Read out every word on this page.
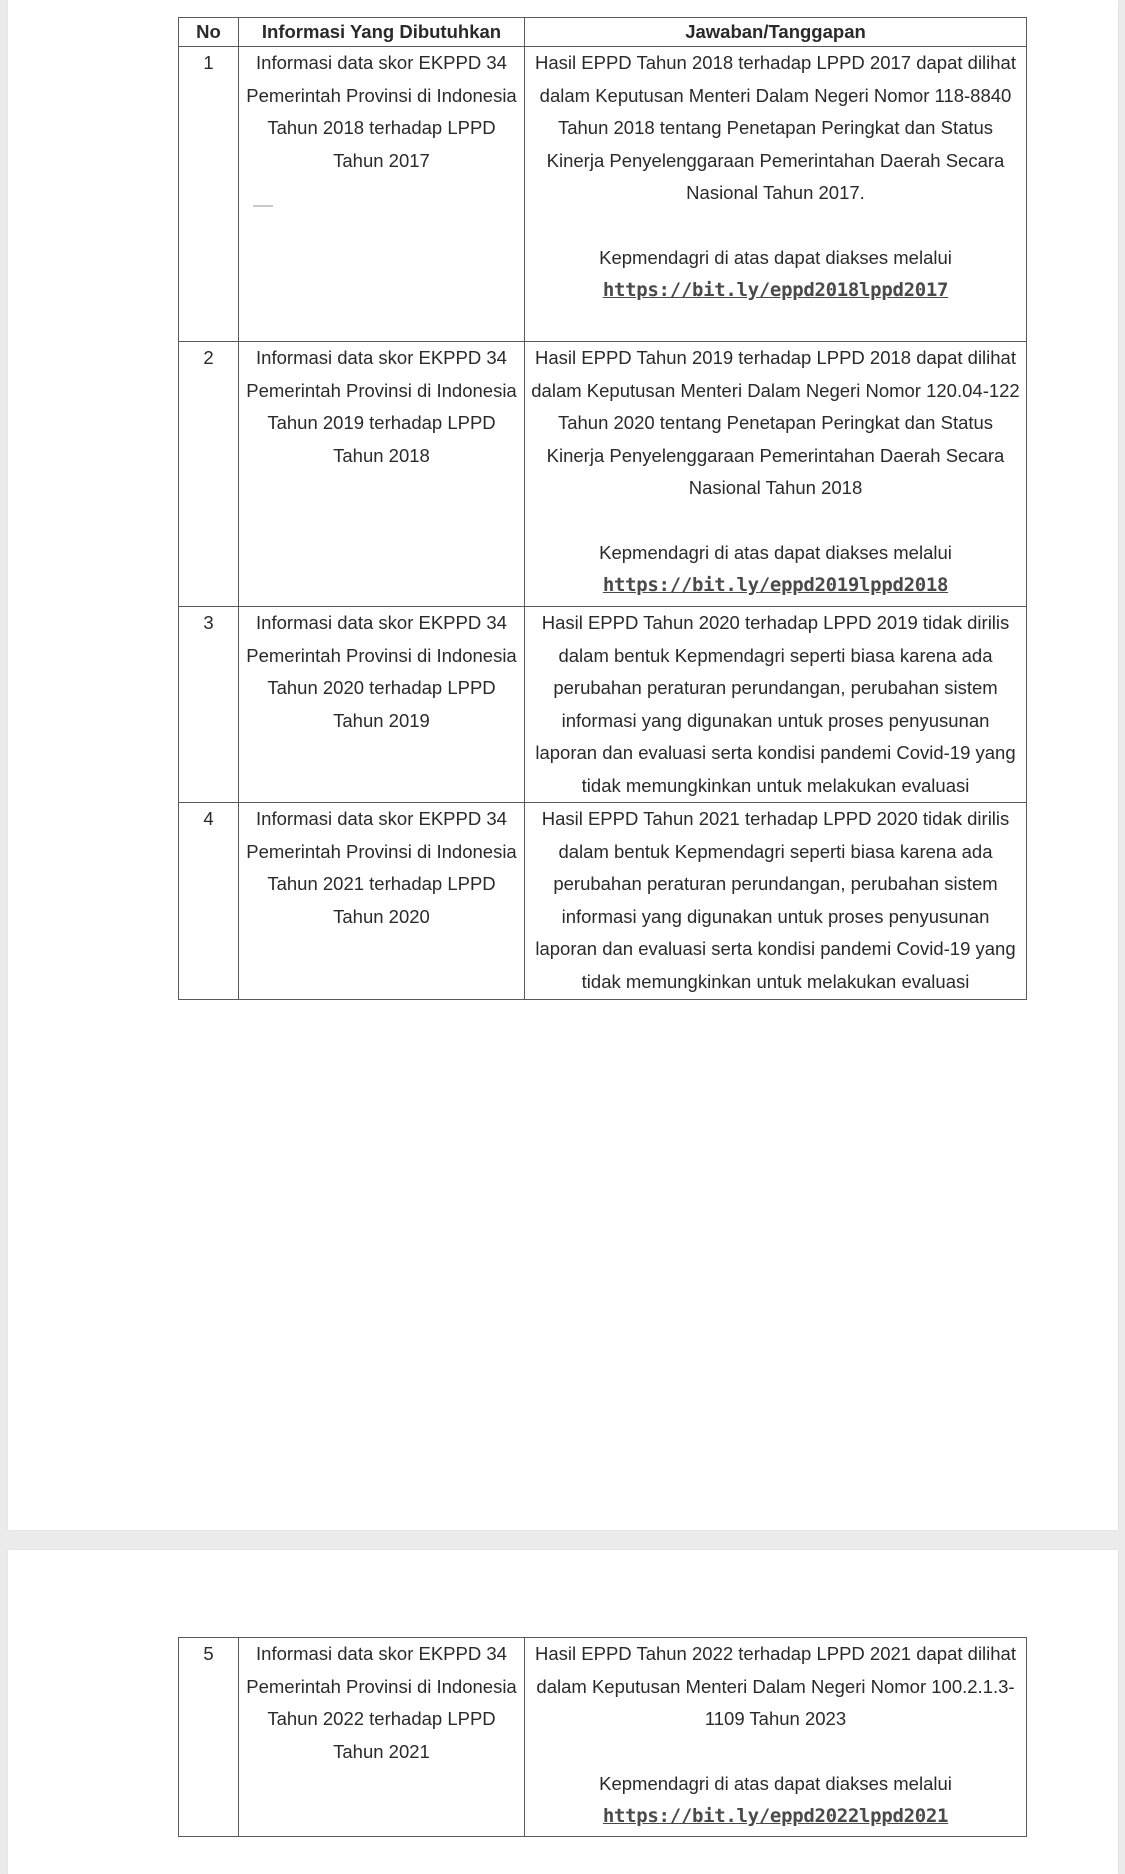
No	Informasi Yang Dibutuhkan	Jawaban/Tanggapan
1	Informasi data skor EKPPD 34 Pemerintah Provinsi di Indonesia Tahun 2018 terhadap LPPD Tahun 2017	Hasil EPPD Tahun 2018 terhadap LPPD 2017 dapat dilihat dalam Keputusan Menteri Dalam Negeri Nomor 118-8840 Tahun 2018 tentang Penetapan Peringkat dan Status Kinerja Penyelenggaraan Pemerintahan Daerah Secara Nasional Tahun 2017.
Kepmendagri di atas dapat diakses melalui
https://bit.ly/eppd2018lppd2017

2	Informasi data skor EKPPD 34 Pemerintah Provinsi di Indonesia Tahun 2019 terhadap LPPD Tahun 2018	Hasil EPPD Tahun 2019 terhadap LPPD 2018 dapat dilihat dalam Keputusan Menteri Dalam Negeri Nomor 120.04-122 Tahun 2020 tentang Penetapan Peringkat dan Status Kinerja Penyelenggaraan Pemerintahan Daerah Secara Nasional Tahun 2018
Kepmendagri di atas dapat diakses melalui
https://bit.ly/eppd2019lppd2018

3	Informasi data skor EKPPD 34 Pemerintah Provinsi di Indonesia Tahun 2020 terhadap LPPD Tahun 2019	Hasil EPPD Tahun 2020 terhadap LPPD 2019 tidak dirilis dalam bentuk Kepmendagri seperti biasa karena ada perubahan peraturan perundangan, perubahan sistem informasi yang digunakan untuk proses penyusunan laporan dan evaluasi serta kondisi pandemi Covid-19 yang tidak memungkinkan untuk melakukan evaluasi
4	Informasi data skor EKPPD 34 Pemerintah Provinsi di Indonesia Tahun 2021 terhadap LPPD Tahun 2020	Hasil EPPD Tahun 2021 terhadap LPPD 2020 tidak dirilis dalam bentuk Kepmendagri seperti biasa karena ada perubahan peraturan perundangan, perubahan sistem informasi yang digunakan untuk proses penyusunan laporan dan evaluasi serta kondisi pandemi Covid-19 yang tidak memungkinkan untuk melakukan evaluasi
5	Informasi data skor EKPPD 34 Pemerintah Provinsi di Indonesia Tahun 2022 terhadap LPPD Tahun 2021	Hasil EPPD Tahun 2022 terhadap LPPD 2021 dapat dilihat dalam Keputusan Menteri Dalam Negeri Nomor 100.2.1.3-1109 Tahun 2023
Kepmendagri di atas dapat diakses melalui
https://bit.ly/eppd2022lppd2021
